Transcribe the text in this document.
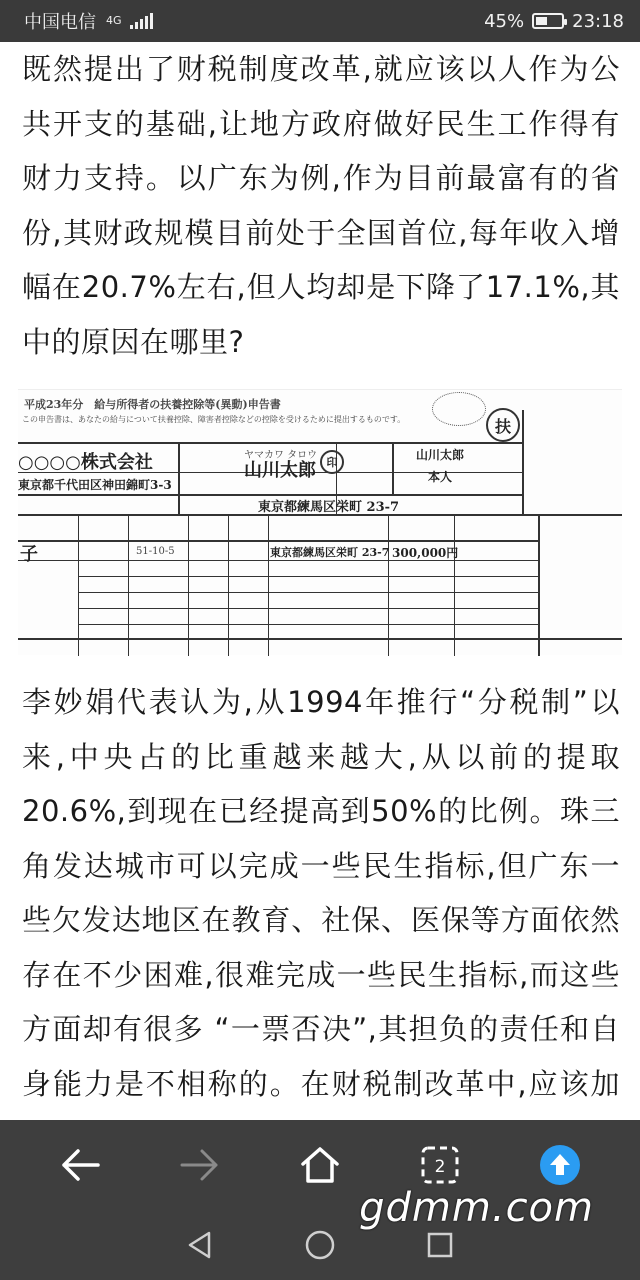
中国电信 4G	45%	23:18

既然提出了财税制度改革,就应该以人作为公共开支的基础,让地方政府做好民生工作得有财力支持。以广东为例,作为目前最富有的省份,其财政规模目前处于全国首位,每年收入增幅在20.7%左右,但人均却是下降了17.1%,其中的原因在哪里?

平成23年分　給与所得者の扶養控除等(異動)申告書
扶
この申告書は、あなたの給与について扶養控除、障害者控除などの控除を受けるために提出するものです。
○○○○株式会社
東京都千代田区神田錦町3-3
ヤマカワ タロウ
山川太郎 印
山川太郎
本人
東京都練馬区栄町 23-7
子	51-10-5	東京都練馬区栄町 23-7 300,000円

李妙娟代表认为,从1994年推行“分税制”以来,中央占的比重越来越大,从以前的提取20.6%,到现在已经提高到50%的比例。珠三角发达城市可以完成一些民生指标,但广东一些欠发达地区在教育、社保、医保等方面依然存在不少困难,很难完成一些民生指标,而这些方面却有很多 “一票否决”,其担负的责任和自身能力是不相称的。在财税制改革中,应该加

2
gdmm.com
